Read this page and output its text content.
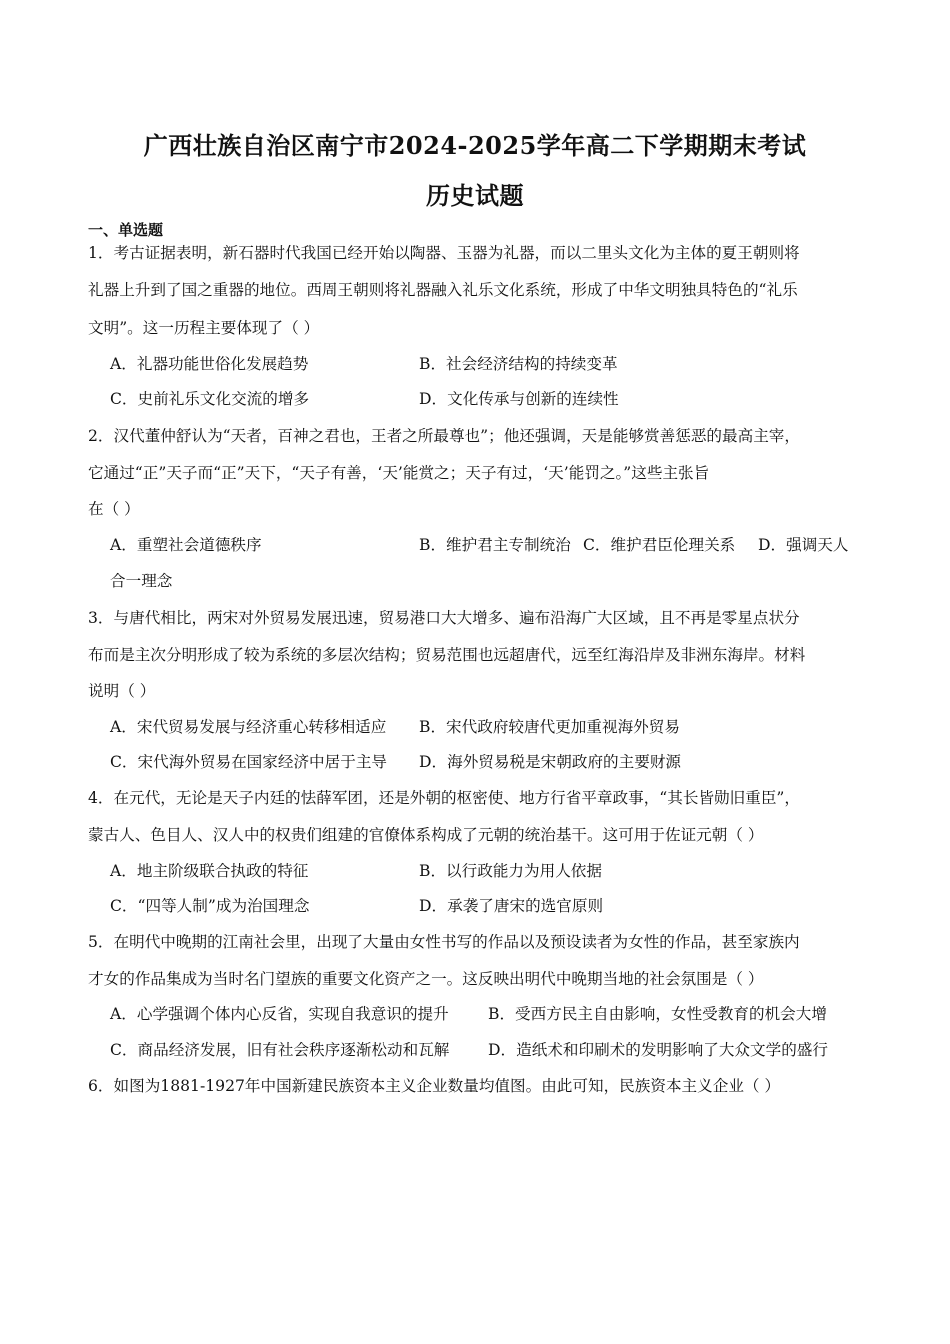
广西壮族自治区南宁市2024-2025学年高二下学期期末考试
历史试题
一、单选题
1．考古证据表明，新石器时代我国已经开始以陶器、玉器为礼器，而以二里头文化为主体的夏王朝则将
礼器上升到了国之重器的地位。西周王朝则将礼器融入礼乐文化系统，形成了中华文明独具特色的“礼乐
文明”。这一历程主要体现了（ ）
A．礼器功能世俗化发展趋势	B．社会经济结构的持续变革
C．史前礼乐文化交流的增多	D．文化传承与创新的连续性
2．汉代董仲舒认为“天者，百神之君也，王者之所最尊也”；他还强调，天是能够赏善惩恶的最高主宰，
它通过“正”天子而“正”天下，“天子有善，‘天’能赏之；天子有过，‘天’能罚之。”这些主张旨
在（ ）
A．重塑社会道德秩序	B．维护君主专制统治 C．维护君臣伦理关系 D．强调天人
合一理念
3．与唐代相比，两宋对外贸易发展迅速，贸易港口大大增多、遍布沿海广大区域，且不再是零星点状分
布而是主次分明形成了较为系统的多层次结构；贸易范围也远超唐代，远至红海沿岸及非洲东海岸。材料
说明（ ）
A．宋代贸易发展与经济重心转移相适应 B．宋代政府较唐代更加重视海外贸易
C．宋代海外贸易在国家经济中居于主导 D．海外贸易税是宋朝政府的主要财源
4．在元代，无论是天子内廷的怯薛军团，还是外朝的枢密使、地方行省平章政事，“其长皆勋旧重臣”，
蒙古人、色目人、汉人中的权贵们组建的官僚体系构成了元朝的统治基干。这可用于佐证元朝（ ）
A．地主阶级联合执政的特征	B．以行政能力为用人依据
C．“四等人制”成为治国理念	D．承袭了唐宋的选官原则
5．在明代中晚期的江南社会里，出现了大量由女性书写的作品以及预设读者为女性的作品，甚至家族内
才女的作品集成为当时名门望族的重要文化资产之一。这反映出明代中晚期当地的社会氛围是（ ）
A．心学强调个体内心反省，实现自我意识的提升	B．受西方民主自由影响，女性受教育的机会大增
C．商品经济发展，旧有社会秩序逐渐松动和瓦解 D．造纸术和印刷术的发明影响了大众文学的盛行
6．如图为1881-1927年中国新建民族资本主义企业数量均值图。由此可知，民族资本主义企业（ ）
